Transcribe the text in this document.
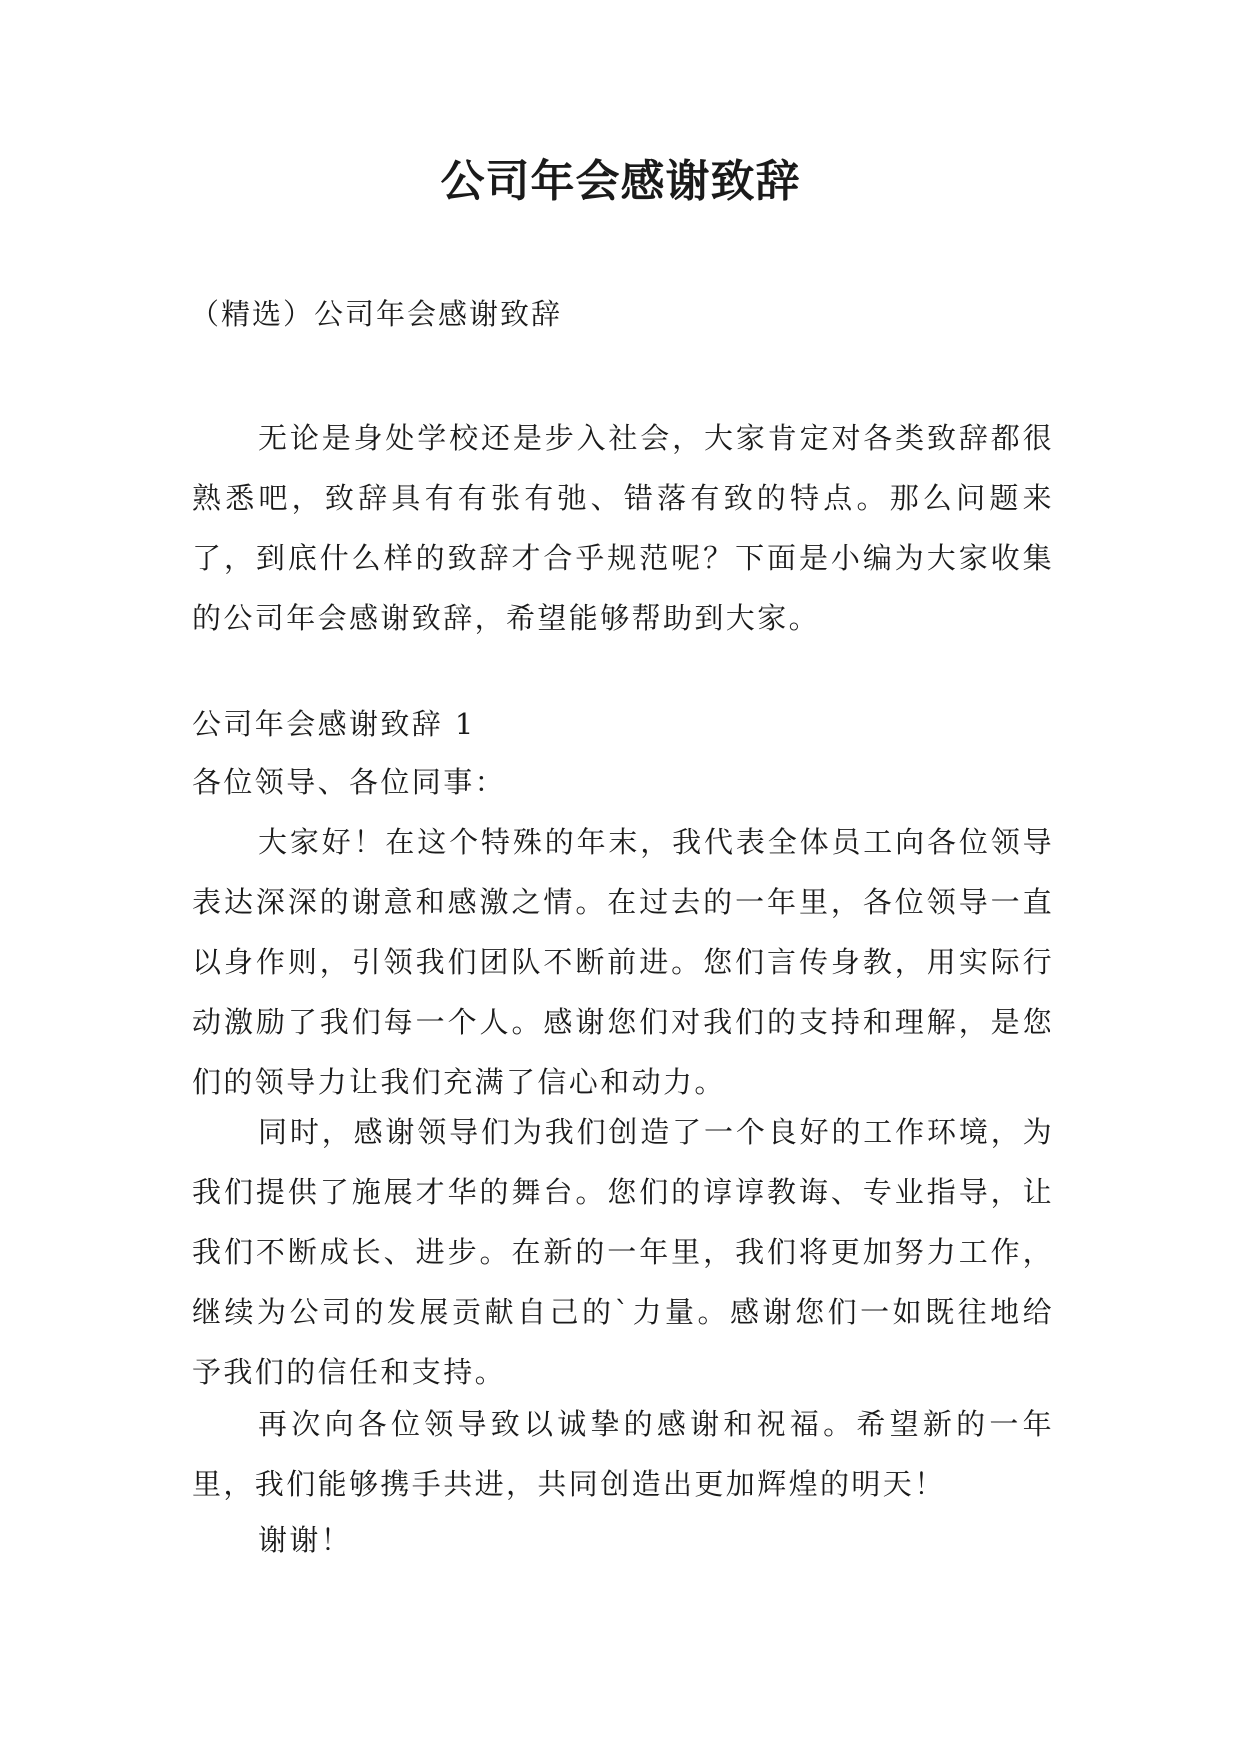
公司年会感谢致辞
（精选）公司年会感谢致辞

无论是身处学校还是步入社会，大家肯定对各类致辞都很熟悉吧，致辞具有有张有弛、错落有致的特点。那么问题来了，到底什么样的致辞才合乎规范呢？下面是小编为大家收集的公司年会感谢致辞，希望能够帮助到大家。

公司年会感谢致辞 1
各位领导、各位同事：

大家好！在这个特殊的年末，我代表全体员工向各位领导表达深深的谢意和感激之情。在过去的一年里，各位领导一直以身作则，引领我们团队不断前进。您们言传身教，用实际行动激励了我们每一个人。感谢您们对我们的支持和理解，是您们的领导力让我们充满了信心和动力。

同时，感谢领导们为我们创造了一个良好的工作环境，为我们提供了施展才华的舞台。您们的谆谆教诲、专业指导，让我们不断成长、进步。在新的一年里，我们将更加努力工作，继续为公司的发展贡献自己的`力量。感谢您们一如既往地给予我们的信任和支持。

再次向各位领导致以诚挚的感谢和祝福。希望新的一年里，我们能够携手共进，共同创造出更加辉煌的明天！

谢谢！
